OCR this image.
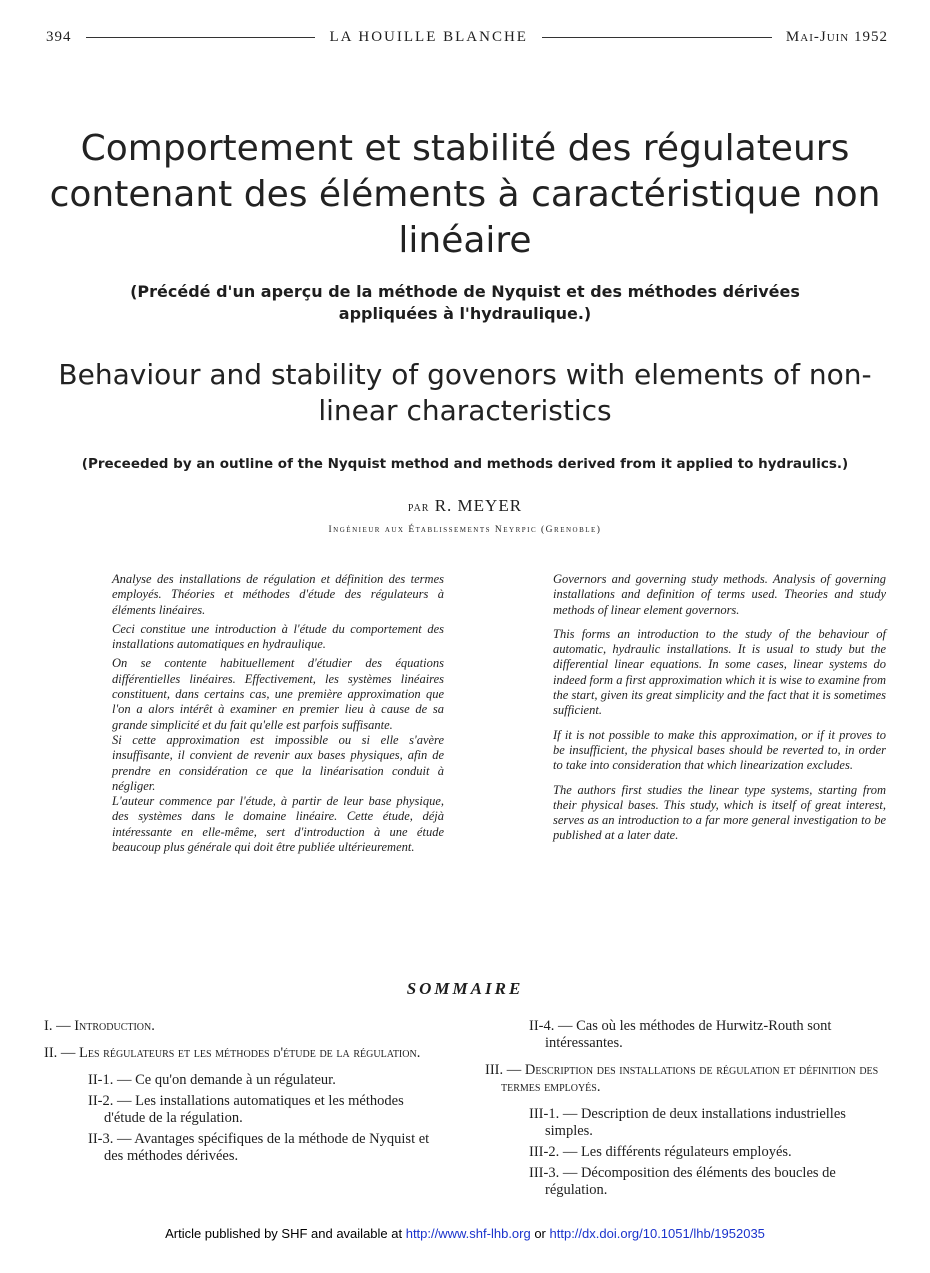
394	LA HOUILLE BLANCHE	Mai-Juin 1952
Comportement et stabilité des régulateurs contenant des éléments à caractéristique non linéaire
(Précédé d'un aperçu de la méthode de Nyquist et des méthodes dérivées appliquées à l'hydraulique.)
Behaviour and stability of govenors with elements of non-linear characteristics
(Preceeded by an outline of the Nyquist method and methods derived from it applied to hydraulics.)
par R. MEYER
Ingénieur aux Établissements Neyrpic (Grenoble)

Analyse des installations de régulation et définition des termes employés. Théories et méthodes d'étude des régulateurs à éléments linéaires.

Ceci constitue une introduction à l'étude du comportement des installations automatiques en hydraulique.

On se contente habituellement d'étudier des équations différentielles linéaires. Effectivement, les systèmes linéaires constituent, dans certains cas, une première approximation que l'on a alors intérêt à examiner en premier lieu à cause de sa grande simplicité et du fait qu'elle est parfois suffisante.

Si cette approximation est impossible ou si elle s'avère insuffisante, il convient de revenir aux bases physiques, afin de prendre en considération ce que la linéarisation conduit à négliger.

L'auteur commence par l'étude, à partir de leur base physique, des systèmes dans le domaine linéaire. Cette étude, déjà intéressante en elle-même, sert d'introduction à une étude beaucoup plus générale qui doit être publiée ultérieurement.

Governors and governing study methods. Analysis of governing installations and definition of terms used. Theories and study methods of linear element governors.

This forms an introduction to the study of the behaviour of automatic, hydraulic installations. It is usual to study but the differential linear equations. In some cases, linear systems do indeed form a first approximation which it is wise to examine from the start, given its great simplicity and the fact that it is sometimes sufficient.

If it is not possible to make this approximation, or if it proves to be insufficient, the physical bases should be reverted to, in order to take into consideration that which linearization excludes.

The authors first studies the linear type systems, starting from their physical bases. This study, which is itself of great interest, serves as an introduction to a far more general investigation to be published at a later date.

SOMMAIRE
I. — Introduction.
II. — Les régulateurs et les méthodes d'étude de la régulation.
II-1. — Ce qu'on demande à un régulateur.
II-2. — Les installations automatiques et les méthodes d'étude de la régulation.
II-3. — Avantages spécifiques de la méthode de Nyquist et des méthodes dérivées.
II-4. — Cas où les méthodes de Hurwitz-Routh sont intéressantes.
III. — Description des installations de régulation et définition des termes employés.
III-1. — Description de deux installations industrielles simples.
III-2. — Les différents régulateurs employés.
III-3. — Décomposition des éléments des boucles de régulation.
Article published by SHF and available at http://www.shf-lhb.org or http://dx.doi.org/10.1051/lhb/1952035
